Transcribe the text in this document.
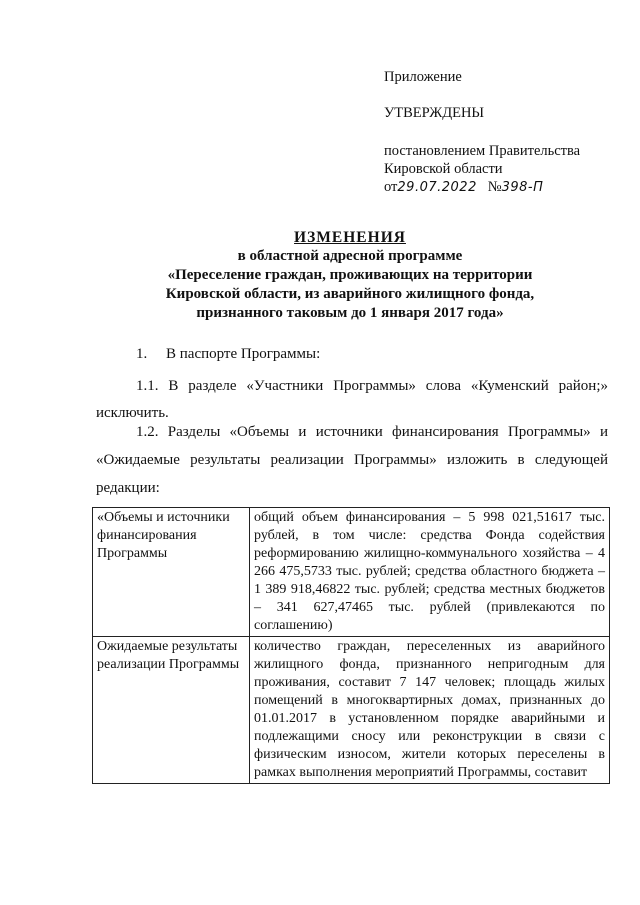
Приложение
УТВЕРЖДЕНЫ
постановлением Правительства
Кировской области
от29.07.2022 №398-П
ИЗМЕНЕНИЯ
в областной адресной программе
«Переселение граждан, проживающих на территории
Кировской области, из аварийного жилищного фонда,
признанного таковым до 1 января 2017 года»
1.     В паспорте Программы:
1.1. В разделе «Участники Программы» слова «Куменский район;» исключить.
1.2. Разделы «Объемы и источники финансирования Программы» и «Ожидаемые результаты реализации Программы» изложить в следующей редакции:
«Объемы и источники финансирования Программы	общий объем финансирования – 5 998 021,51617 тыс. рублей, в том числе: средства Фонда содействия реформированию жилищно-коммунального хозяйства – 4 266 475,5733 тыс. рублей; средства областного бюджета – 1 389 918,46822 тыс. рублей; средства местных бюджетов – 341 627,47465 тыс. рублей (привлекаются по соглашению)
Ожидаемые результаты реализации Программы	количество граждан, переселенных из аварийного жилищного фонда, признанного непригодным для проживания, составит 7 147 человек; площадь жилых помещений в многоквартирных домах, признанных до 01.01.2017 в установленном порядке аварийными и подлежащими сносу или реконструкции в связи с физическим износом, жители которых переселены в рамках выполнения мероприятий Программы, составит
